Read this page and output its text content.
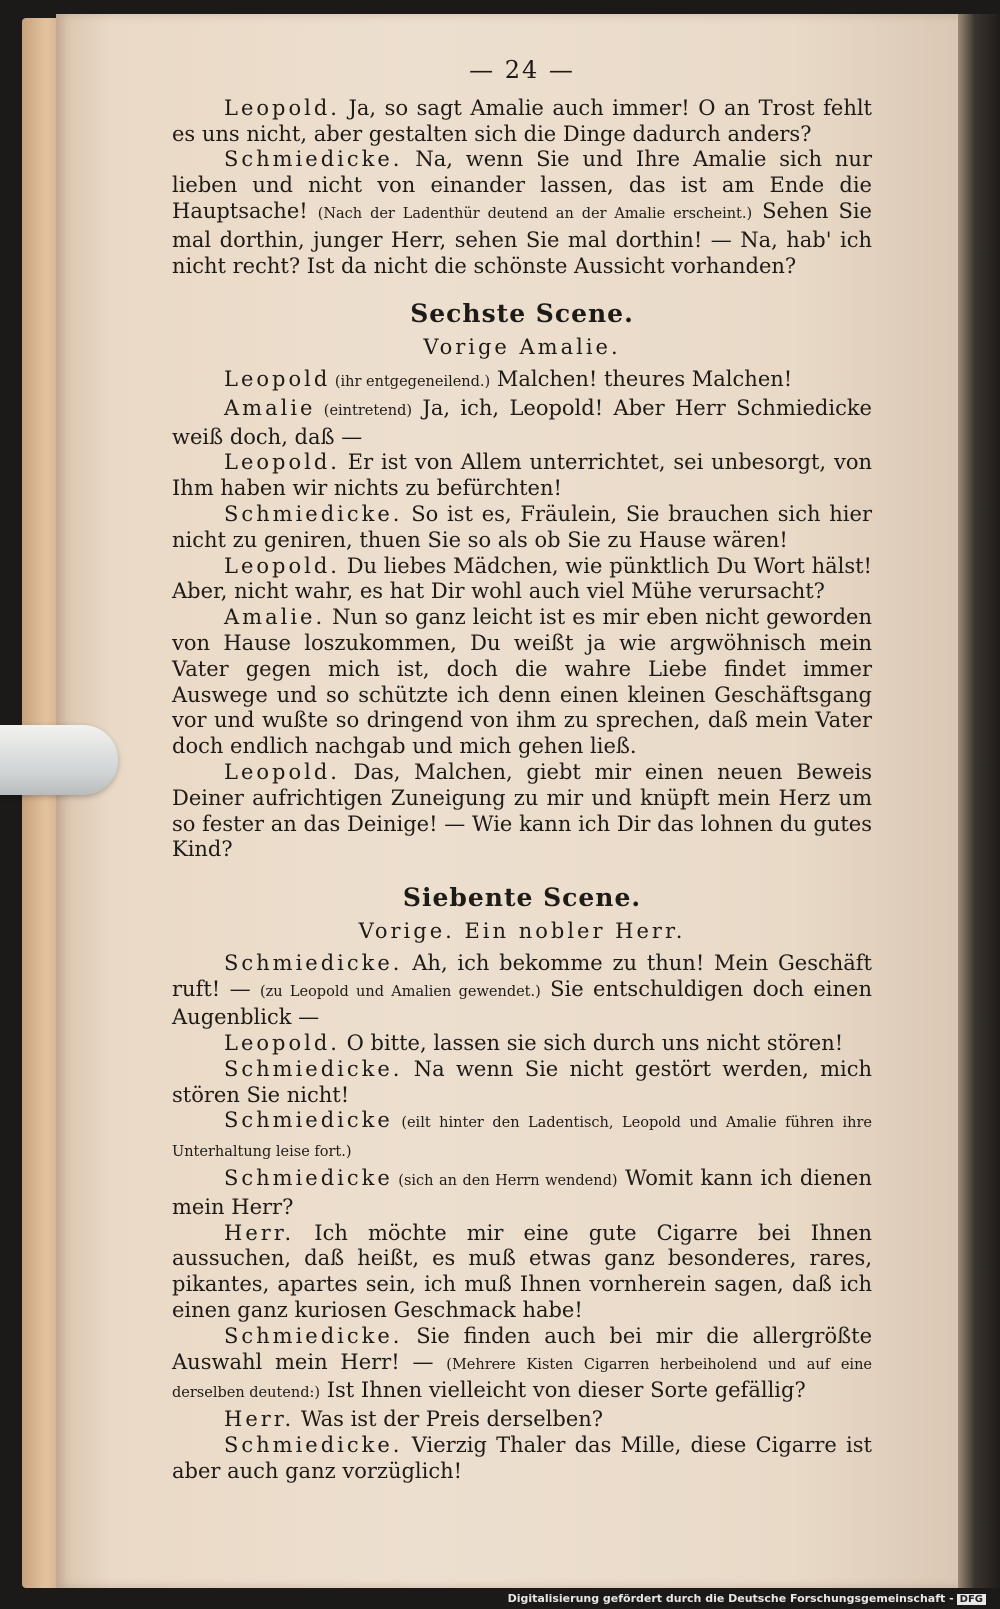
— 24 —

Leopold. Ja, so sagt Amalie auch immer! O an Trost fehlt es uns nicht, aber gestalten sich die Dinge dadurch anders?

Schmiedicke. Na, wenn Sie und Ihre Amalie sich nur lieben und nicht von einander lassen, das ist am Ende die Hauptsache! (Nach der Ladenthür deutend an der Amalie erscheint.) Sehen Sie mal dorthin, junger Herr, sehen Sie mal dorthin! — Na, hab' ich nicht recht? Ist da nicht die schönste Aussicht vorhanden?

Sechste Scene.
Vorige Amalie.

Leopold (ihr entgegeneilend.) Malchen! theures Malchen!

Amalie (eintretend) Ja, ich, Leopold! Aber Herr Schmiedicke weiß doch, daß —

Leopold. Er ist von Allem unterrichtet, sei unbesorgt, von Ihm haben wir nichts zu befürchten!

Schmiedicke. So ist es, Fräulein, Sie brauchen sich hier nicht zu geniren, thuen Sie so als ob Sie zu Hause wären!

Leopold. Du liebes Mädchen, wie pünktlich Du Wort hälst! Aber, nicht wahr, es hat Dir wohl auch viel Mühe verursacht?

Amalie. Nun so ganz leicht ist es mir eben nicht geworden von Hause loszukommen, Du weißt ja wie argwöhnisch mein Vater gegen mich ist, doch die wahre Liebe findet immer Auswege und so schützte ich denn einen kleinen Geschäftsgang vor und wußte so dringend von ihm zu sprechen, daß mein Vater doch endlich nachgab und mich gehen ließ.

Leopold. Das, Malchen, giebt mir einen neuen Beweis Deiner aufrichtigen Zuneigung zu mir und knüpft mein Herz um so fester an das Deinige! — Wie kann ich Dir das lohnen du gutes Kind?

Siebente Scene.
Vorige. Ein nobler Herr.

Schmiedicke. Ah, ich bekomme zu thun! Mein Geschäft ruft! — (zu Leopold und Amalien gewendet.) Sie entschuldigen doch einen Augenblick —

Leopold. O bitte, lassen sie sich durch uns nicht stören!

Schmiedicke. Na wenn Sie nicht gestört werden, mich stören Sie nicht!

Schmiedicke (eilt hinter den Ladentisch, Leopold und Amalie führen ihre Unterhaltung leise fort.)

Schmiedicke (sich an den Herrn wendend) Womit kann ich dienen mein Herr?

Herr. Ich möchte mir eine gute Cigarre bei Ihnen aussuchen, daß heißt, es muß etwas ganz besonderes, rares, pikantes, apartes sein, ich muß Ihnen vornherein sagen, daß ich einen ganz kuriosen Geschmack habe!

Schmiedicke. Sie finden auch bei mir die allergrößte Auswahl mein Herr! — (Mehrere Kisten Cigarren herbeiholend und auf eine derselben deutend:) Ist Ihnen vielleicht von dieser Sorte gefällig?

Herr. Was ist der Preis derselben?

Schmiedicke. Vierzig Thaler das Mille, diese Cigarre ist aber auch ganz vorzüglich!

Digitalisierung gefördert durch die Deutsche Forschungsgemeinschaft - DFG
